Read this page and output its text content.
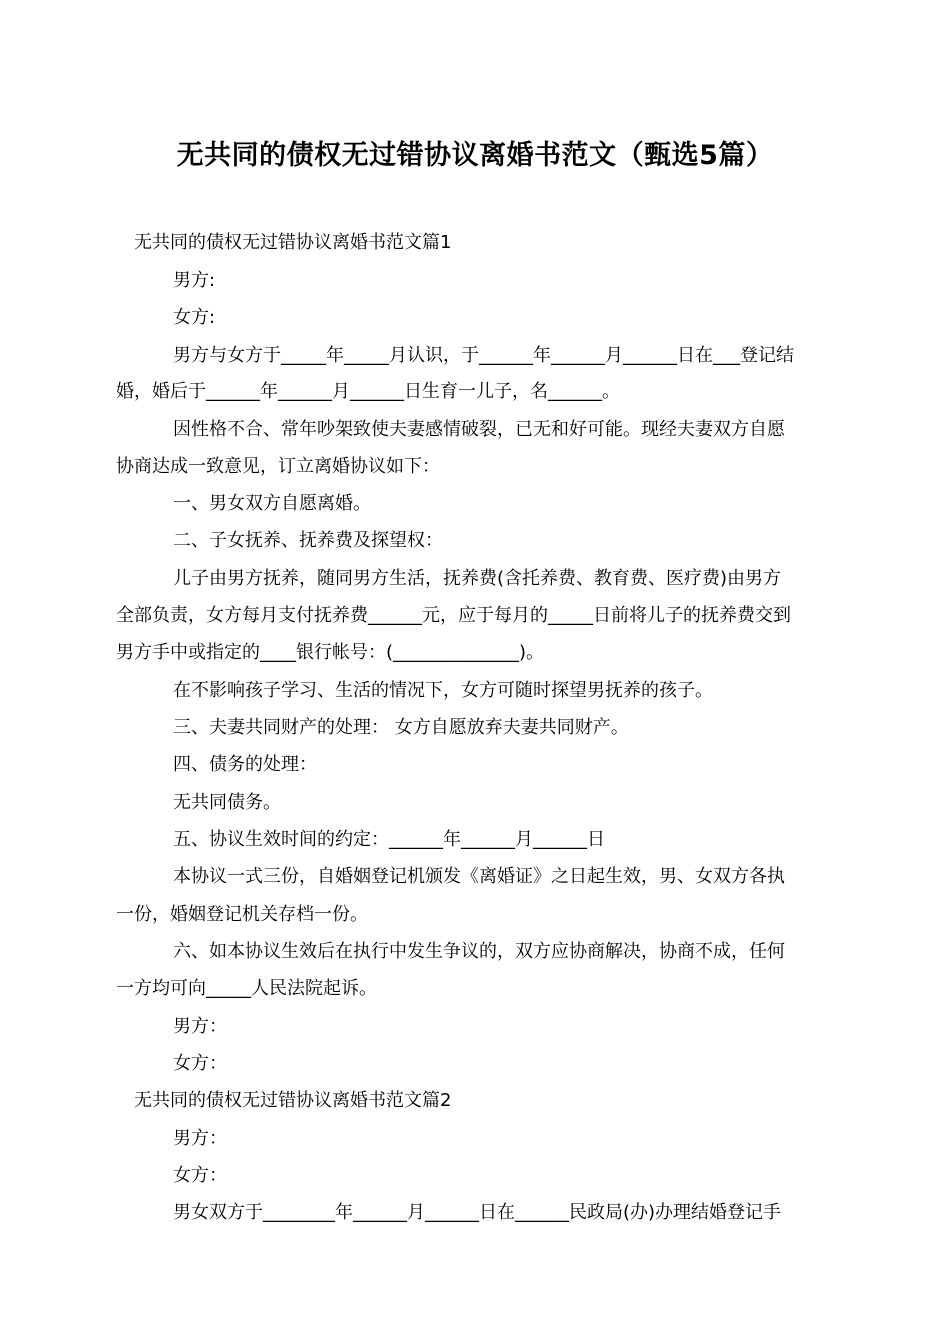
无共同的债权无过错协议离婚书范文（甄选5篇）
无共同的债权无过错协议离婚书范文篇1
男方:
女方:
男方与女方于_____年_____月认识，于______年______月______日在___登记结
婚，婚后于______年______月______日生育一儿子，名______。
因性格不合、常年吵架致使夫妻感情破裂，已无和好可能。现经夫妻双方自愿
协商达成一致意见，订立离婚协议如下：
一、男女双方自愿离婚。
二、子女抚养、抚养费及探望权：
儿子由男方抚养，随同男方生活，抚养费(含托养费、教育费、医疗费)由男方
全部负责，女方每月支付抚养费______元，应于每月的_____日前将儿子的抚养费交到
男方手中或指定的____银行帐号：(______________)。
在不影响孩子学习、生活的情况下，女方可随时探望男抚养的孩子。
三、夫妻共同财产的处理： 女方自愿放弃夫妻共同财产。
四、债务的处理：
无共同债务。
五、协议生效时间的约定：______年______月______日
本协议一式三份，自婚姻登记机颁发《离婚证》之日起生效，男、女双方各执
一份，婚姻登记机关存档一份。
六、如本协议生效后在执行中发生争议的，双方应协商解决，协商不成，任何
一方均可向_____人民法院起诉。
男方：
女方：
无共同的债权无过错协议离婚书范文篇2
男方：
女方：
男女双方于________年______月______日在______民政局(办)办理结婚登记手
